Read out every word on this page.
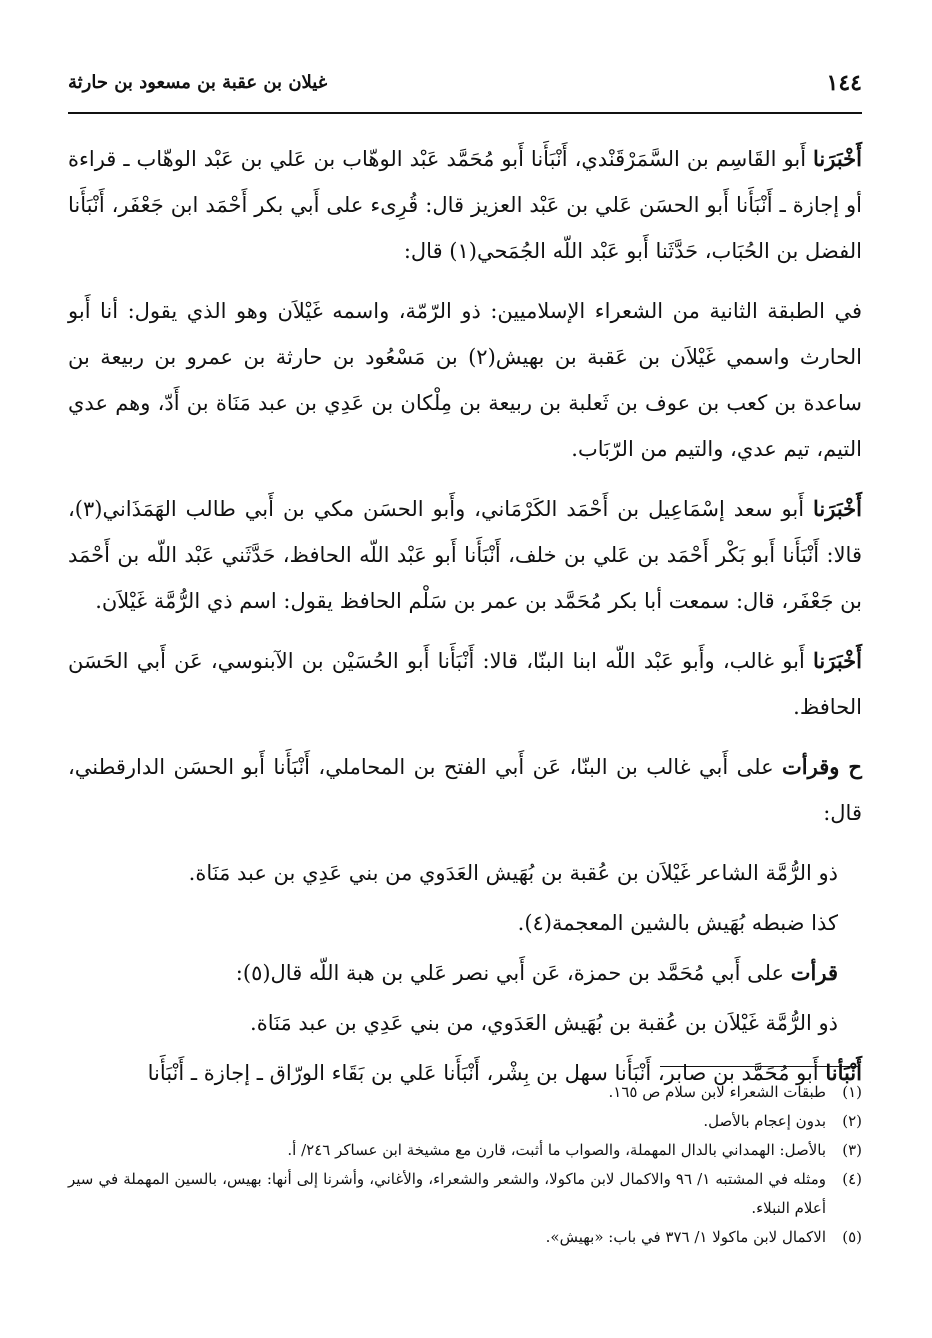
١٤٤
غيلان بن عقبة بن مسعود بن حارثة

أَخْبَرَنا أَبو القَاسِم بن السَّمَرْقَنْدي، أَنْبَأَنا أَبو مُحَمَّد عَبْد الوهّاب بن عَلي بن عَبْد الوهّاب ـ قراءة أو إجازة ـ أَنْبَأَنا أَبو الحسَن عَلي بن عَبْد العزيز قال: قُرِىء على أَبي بكر أَحْمَد ابن جَعْفَر، أَنْبَأَنا الفضل بن الحُبَاب، حَدَّثَنا أَبو عَبْد اللّه الجُمَحي(١) قال:

في الطبقة الثانية من الشعراء الإسلاميين: ذو الرّمّة، واسمه غَيْلاَن وهو الذي يقول: أنا أَبو الحارث واسمي غَيْلاَن بن عَقبة بن بهيش(٢) بن مَسْعُود بن حارثة بن عمرو بن ربيعة بن ساعدة بن كعب بن عوف بن ثَعلبة بن ربيعة بن مِلْكان بن عَدِي بن عبد مَنَاة بن أَدّ، وهم عدي التيم، تيم عدي، والتيم من الرّبَاب.

أَخْبَرَنا أَبو سعد إسْمَاعِيل بن أَحْمَد الكَرْمَاني، وأَبو الحسَن مكي بن أَبي طالب الهَمَذَاني(٣)، قالا: أَنْبَأَنا أَبو بَكْر أَحْمَد بن عَلي بن خلف، أَنْبَأَنا أَبو عَبْد اللّه الحافظ، حَدَّثَني عَبْد اللّه بن أَحْمَد بن جَعْفَر، قال: سمعت أبا بكر مُحَمَّد بن عمر بن سَلْم الحافظ يقول: اسم ذي الرُّمَّة غَيْلاَن.

أَخْبَرَنا أَبو غالب، وأَبو عَبْد اللّه ابنا البنّا، قالا: أَنْبَأَنا أَبو الحُسَيْن بن الآبنوسي، عَن أَبي الحَسَن الحافظ.

ح وقرأت على أَبي غالب بن البنّا، عَن أَبي الفتح بن المحاملي، أَنْبَأَنا أَبو الحسَن الدارقطني، قال:

ذو الرُّمَّة الشاعر غَيْلاَن بن عُقبة بن بُهَيش العَدَوي من بني عَدِي بن عبد مَنَاة.

كذا ضبطه بُهَيش بالشين المعجمة(٤).

قرأت على أَبي مُحَمَّد بن حمزة، عَن أَبي نصر عَلي بن هبة اللّه قال(٥):

ذو الرُّمَّة غَيْلاَن بن عُقبة بن بُهَيش العَدَوي، من بني عَدِي بن عبد مَنَاة.

أَنْبَأنا أَبو مُحَمَّد بن صابر، أَنْبَأَنا سهل بن بِشْر، أَنْبَأَنا عَلي بن بَقَاء الورّاق ـ إجازة ـ أَنْبَأَنا

(١)
طبقات الشعراء لابن سلام ص ١٦٥.
(٢)
بدون إعجام بالأصل.
(٣)
بالأصل: الهمداني بالدال المهملة، والصواب ما أثبت، قارن مع مشيخة ابن عساكر ٢٤٦/ أ.
(٤)
ومثله في المشتبه ١/ ٩٦ والاكمال لابن ماكولا، والشعر والشعراء، والأغاني، وأشرنا إلى أنها: بهيس، بالسين المهملة في سير أعلام النبلاء.
(٥)
الاكمال لابن ماكولا ١/ ٣٧٦ في باب: «بهيش».
